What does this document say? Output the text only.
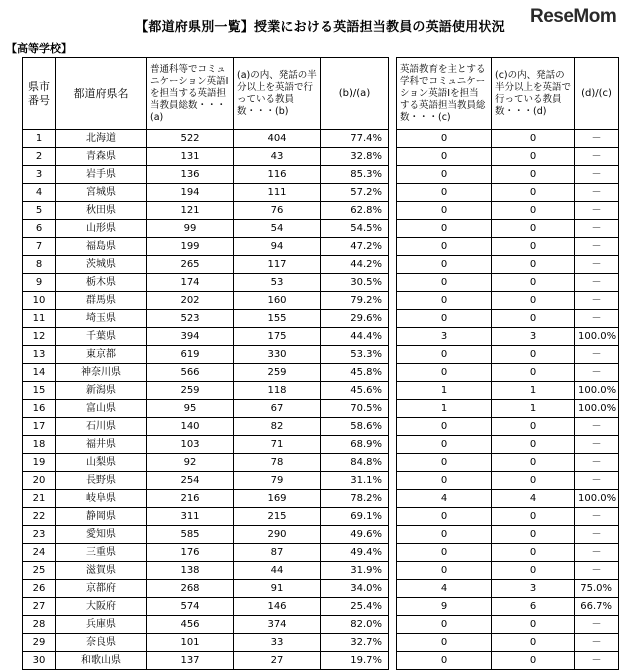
【都道府県別一覧】授業における英語担当教員の英語使用状況
ReseMom
【高等学校】
県市番号	都道府県名	普通科等でコミュニケーション英語Ⅰを担当する英語担当教員総数・・・(a)	(a)の内、発話の半分以上を英語で行っている教員数・・・(b)	(b)/(a)		英語教育を主とする学科でコミュニケーション英語Ⅰを担当する英語担当教員総数・・・(c)	(c)の内、発話の半分以上を英語で行っている教員数・・・(d)	(d)/(c)
1	北海道	522	404	77.4%		0	0	－
2	青森県	131	43	32.8%		0	0	－
3	岩手県	136	116	85.3%		0	0	－
4	宮城県	194	111	57.2%		0	0	－
5	秋田県	121	76	62.8%		0	0	－
6	山形県	99	54	54.5%		0	0	－
7	福島県	199	94	47.2%		0	0	－
8	茨城県	265	117	44.2%		0	0	－
9	栃木県	174	53	30.5%		0	0	－
10	群馬県	202	160	79.2%		0	0	－
11	埼玉県	523	155	29.6%		0	0	－
12	千葉県	394	175	44.4%		3	3	100.0%
13	東京都	619	330	53.3%		0	0	－
14	神奈川県	566	259	45.8%		0	0	－
15	新潟県	259	118	45.6%		1	1	100.0%
16	富山県	95	67	70.5%		1	1	100.0%
17	石川県	140	82	58.6%		0	0	－
18	福井県	103	71	68.9%		0	0	－
19	山梨県	92	78	84.8%		0	0	－
20	長野県	254	79	31.1%		0	0	－
21	岐阜県	216	169	78.2%		4	4	100.0%
22	静岡県	311	215	69.1%		0	0	－
23	愛知県	585	290	49.6%		0	0	－
24	三重県	176	87	49.4%		0	0	－
25	滋賀県	138	44	31.9%		0	0	－
26	京都府	268	91	34.0%		4	3	75.0%
27	大阪府	574	146	25.4%		9	6	66.7%
28	兵庫県	456	374	82.0%		0	0	－
29	奈良県	101	33	32.7%		0	0	－
30	和歌山県	137	27	19.7%		0	0	－
